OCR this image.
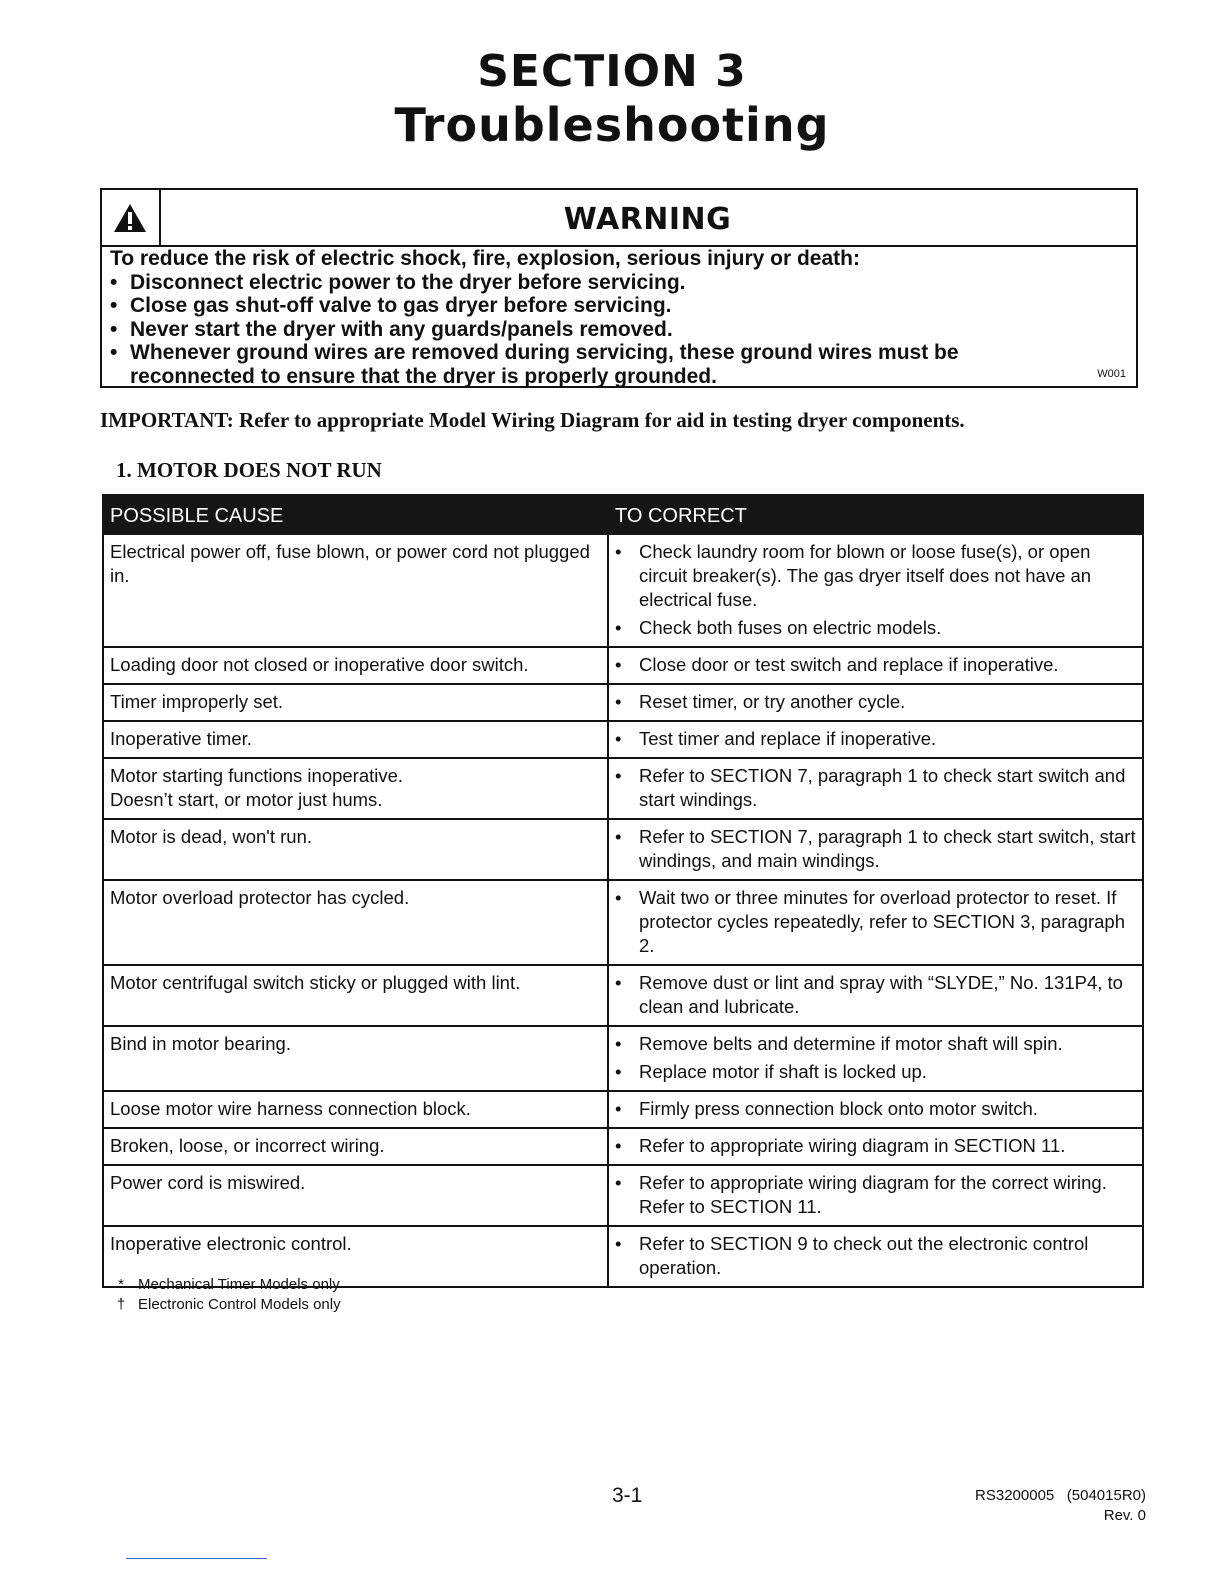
SECTION 3
Troubleshooting
WARNING
To reduce the risk of electric shock, fire, explosion, serious injury or death:
• Disconnect electric power to the dryer before servicing.
• Close gas shut-off valve to gas dryer before servicing.
• Never start the dryer with any guards/panels removed.
• Whenever ground wires are removed during servicing, these ground wires must be reconnected to ensure that the dryer is properly grounded.	W001
IMPORTANT: Refer to appropriate Model Wiring Diagram for aid in testing dryer components.
1. MOTOR DOES NOT RUN
POSSIBLE CAUSE	TO CORRECT
Electrical power off, fuse blown, or power cord not plugged in.	• Check laundry room for blown or loose fuse(s), or open circuit breaker(s). The gas dryer itself does not have an electrical fuse.
• Check both fuses on electric models.

Loading door not closed or inoperative door switch.	• Close door or test switch and replace if inoperative.

Timer improperly set.	• Reset timer, or try another cycle.

Inoperative timer.	• Test timer and replace if inoperative.

Motor starting functions inoperative.
Doesn’t start, or motor just hums.	• Refer to SECTION 7, paragraph 1 to check start switch and start windings.

Motor is dead, won't run.	• Refer to SECTION 7, paragraph 1 to check start switch, start windings, and main windings.

Motor overload protector has cycled.	• Wait two or three minutes for overload protector to reset. If protector cycles repeatedly, refer to SECTION 3, paragraph 2.

Motor centrifugal switch sticky or plugged with lint.	• Remove dust or lint and spray with “SLYDE,” No. 131P4, to clean and lubricate.

Bind in motor bearing.	• Remove belts and determine if motor shaft will spin.
• Replace motor if shaft is locked up.

Loose motor wire harness connection block.	• Firmly press connection block onto motor switch.

Broken, loose, or incorrect wiring.	• Refer to appropriate wiring diagram in SECTION 11.

Power cord is miswired.	• Refer to appropriate wiring diagram for the correct wiring. Refer to SECTION 11.

Inoperative electronic control.	• Refer to SECTION 9 to check out the electronic control operation.
* Mechanical Timer Models only
† Electronic Control Models only
3-1	RS3200005   (504015R0)
Rev. 0
